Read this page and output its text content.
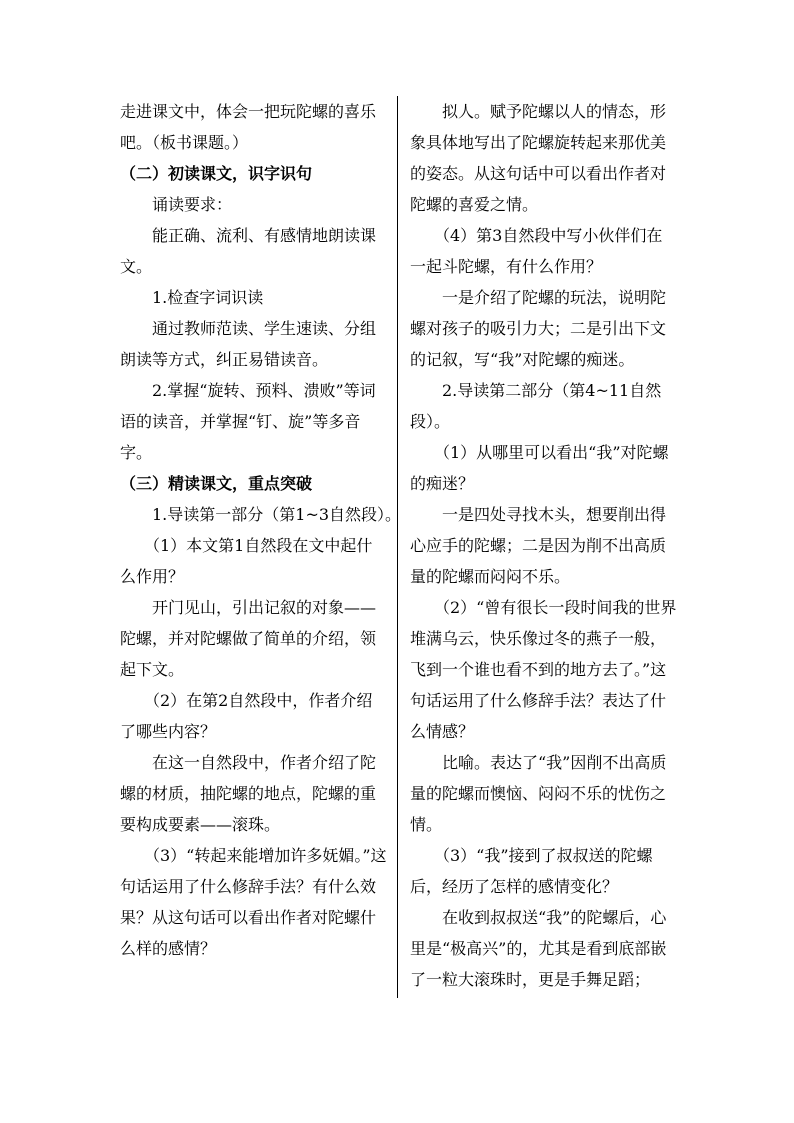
走进课文中，体会一把玩陀螺的喜乐吧。（板书课题。）

（二）初读课文，识字识句

诵读要求：

能正确、流利、有感情地朗读课文。

1.检查字词识读

通过教师范读、学生速读、分组朗读等方式，纠正易错读音。

2.掌握“旋转、预料、溃败”等词语的读音，并掌握“钉、旋”等多音字。

（三）精读课文，重点突破

1.导读第一部分（第1~3自然段）。

（1）本文第1自然段在文中起什么作用？

开门见山，引出记叙的对象——陀螺，并对陀螺做了简单的介绍，领起下文。

（2）在第2自然段中，作者介绍了哪些内容？

在这一自然段中，作者介绍了陀螺的材质，抽陀螺的地点，陀螺的重要构成要素——滚珠。

（3）“转起来能增加许多妩媚。”这句话运用了什么修辞手法？有什么效果？从这句话可以看出作者对陀螺什么样的感情？

拟人。赋予陀螺以人的情态，形象具体地写出了陀螺旋转起来那优美的姿态。从这句话中可以看出作者对陀螺的喜爱之情。

（4）第3自然段中写小伙伴们在一起斗陀螺，有什么作用？

一是介绍了陀螺的玩法，说明陀螺对孩子的吸引力大；二是引出下文的记叙，写“我”对陀螺的痴迷。

2.导读第二部分（第4~11自然段）。

（1）从哪里可以看出“我”对陀螺的痴迷？

一是四处寻找木头，想要削出得心应手的陀螺；二是因为削不出高质量的陀螺而闷闷不乐。

（2）“曾有很长一段时间我的世界堆满乌云，快乐像过冬的燕子一般，飞到一个谁也看不到的地方去了。”这句话运用了什么修辞手法？表达了什么情感？

比喻。表达了“我”因削不出高质量的陀螺而懊恼、闷闷不乐的忧伤之情。

（3）“我”接到了叔叔送的陀螺后，经历了怎样的感情变化？

在收到叔叔送“我”的陀螺后，心里是“极高兴”的，尤其是看到底部嵌了一粒大滚珠时，更是手舞足蹈；
